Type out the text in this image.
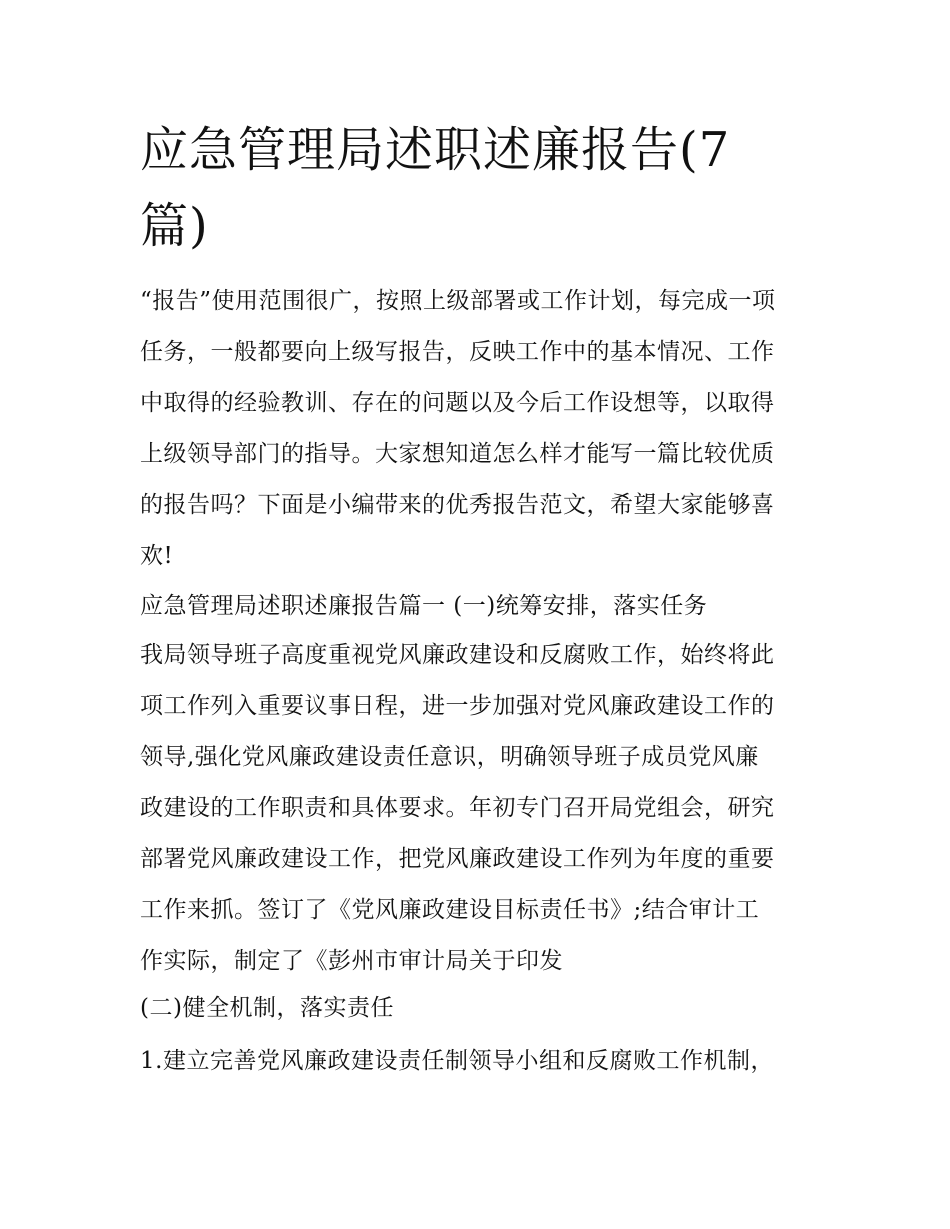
应急管理局述职述廉报告(7
篇)
“报告”使用范围很广，按照上级部署或工作计划，每完成一项
任务，一般都要向上级写报告，反映工作中的基本情况、工作
中取得的经验教训、存在的问题以及今后工作设想等，以取得
上级领导部门的指导。大家想知道怎么样才能写一篇比较优质
的报告吗？下面是小编带来的优秀报告范文，希望大家能够喜
欢!
应急管理局述职述廉报告篇一 (一)统筹安排，落实任务
我局领导班子高度重视党风廉政建设和反腐败工作，始终将此
项工作列入重要议事日程，进一步加强对党风廉政建设工作的
领导,强化党风廉政建设责任意识，明确领导班子成员党风廉
政建设的工作职责和具体要求。年初专门召开局党组会，研究
部署党风廉政建设工作，把党风廉政建设工作列为年度的重要
工作来抓。签订了《党风廉政建设目标责任书》;结合审计工
作实际，制定了《彭州市审计局关于印发
(二)健全机制，落实责任
1.建立完善党风廉政建设责任制领导小组和反腐败工作机制，
